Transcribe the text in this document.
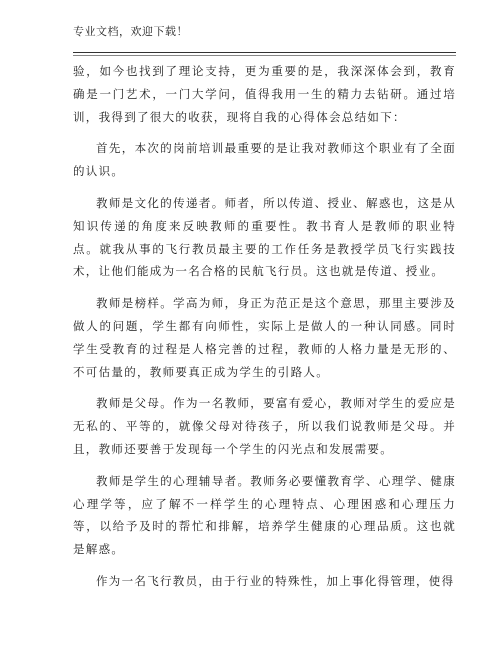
专业文档，欢迎下载！

验，如今也找到了理论支持，更为重要的是，我深深体会到，教育确是一门艺术，一门大学问，值得我用一生的精力去钻研。通过培训，我得到了很大的收获，现将自我的心得体会总结如下：

首先，本次的岗前培训最重要的是让我对教师这个职业有了全面的认识。

教师是文化的传递者。师者，所以传道、授业、解惑也，这是从知识传递的角度来反映教师的重要性。教书育人是教师的职业特点。就我从事的飞行教员最主要的工作任务是教授学员飞行实践技术，让他们能成为一名合格的民航飞行员。这也就是传道、授业。

教师是榜样。学高为师，身正为范正是这个意思，那里主要涉及做人的问题，学生都有向师性，实际上是做人的一种认同感。同时学生受教育的过程是人格完善的过程，教师的人格力量是无形的、不可估量的，教师要真正成为学生的引路人。

教师是父母。作为一名教师，要富有爱心，教师对学生的爱应是无私的、平等的，就像父母对待孩子，所以我们说教师是父母。并且，教师还要善于发现每一个学生的闪光点和发展需要。

教师是学生的心理辅导者。教师务必要懂教育学、心理学、健康心理学等，应了解不一样学生的心理特点、心理困惑和心理压力等，以给予及时的帮忙和排解，培养学生健康的心理品质。这也就是解惑。

作为一名飞行教员，由于行业的特殊性，加上事化得管理，使得
